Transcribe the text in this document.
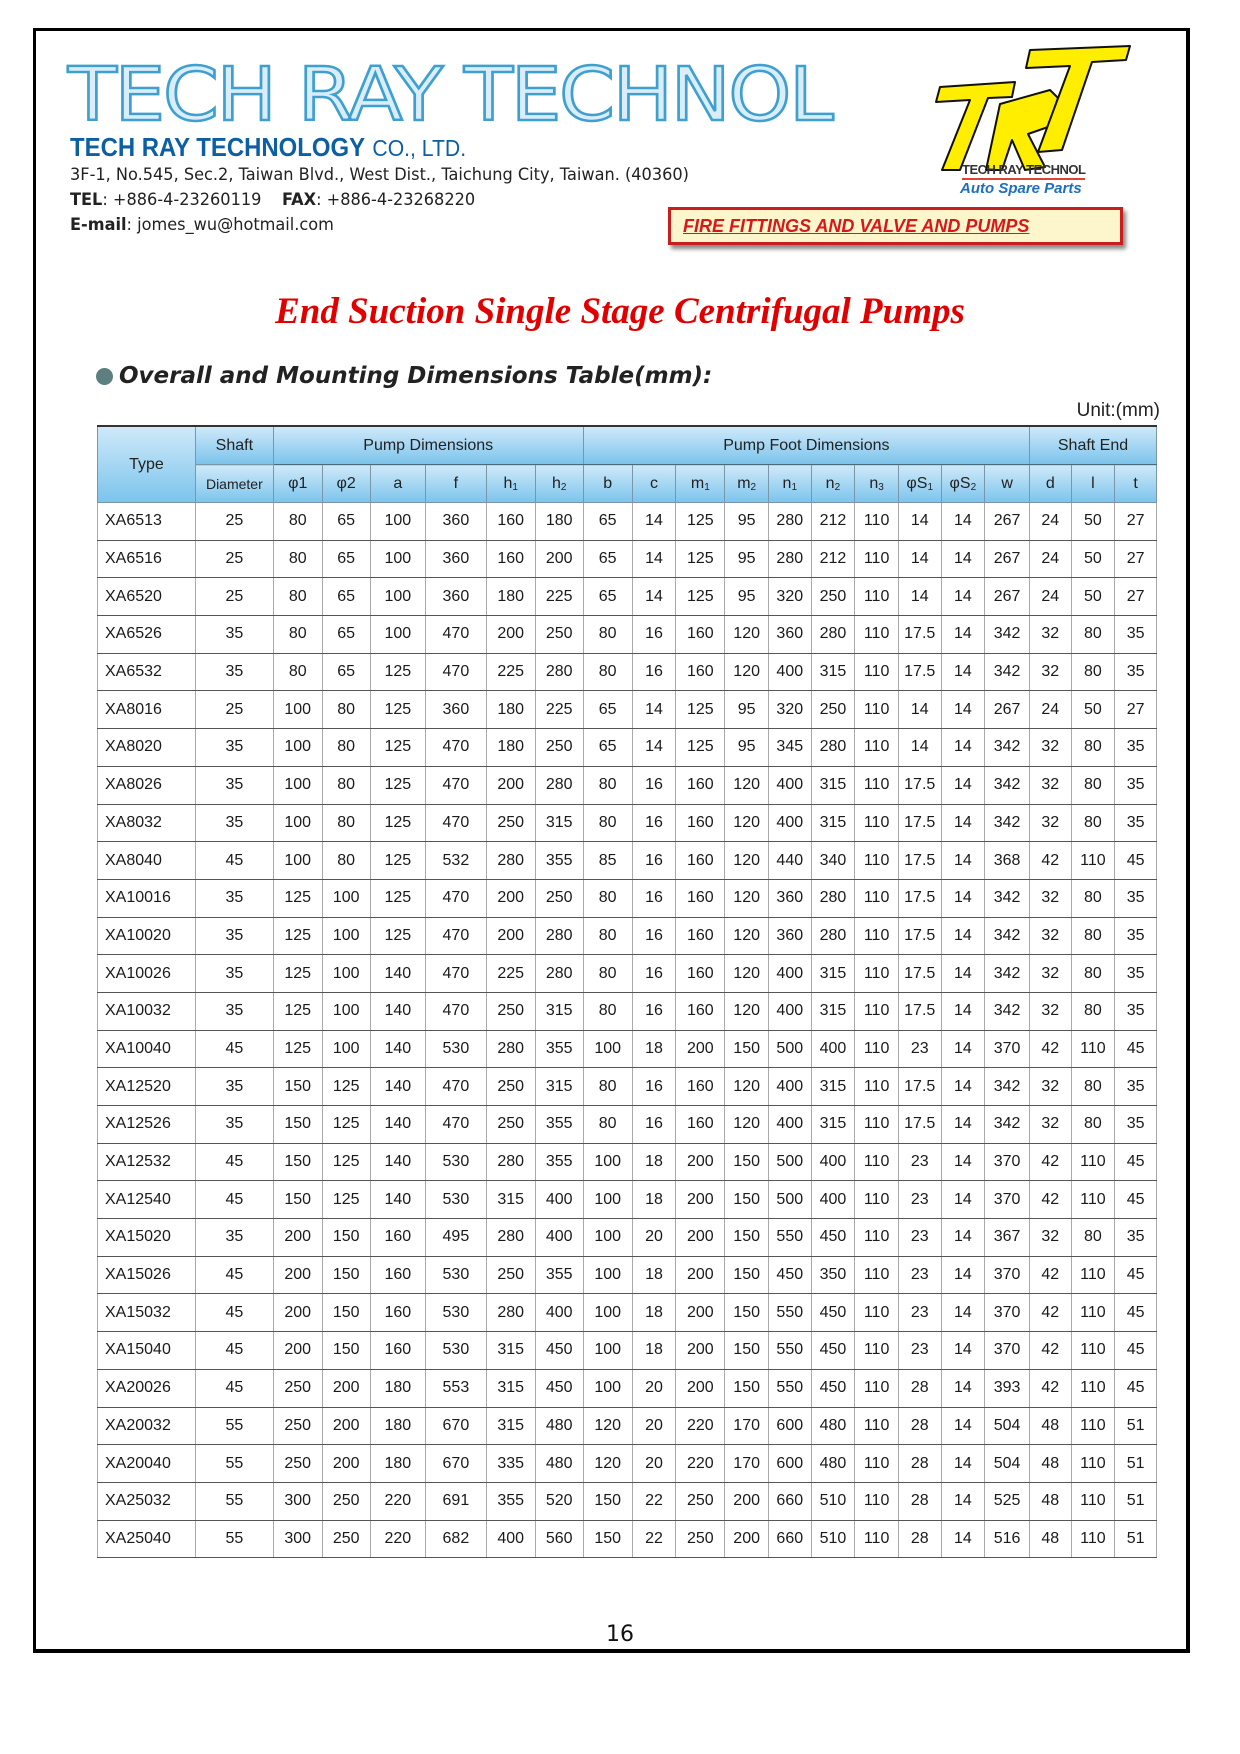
TECH RAY TECHNOL
TECH RAY TECHNOLOGY CO., LTD.
3F-1, No.545, Sec.2, Taiwan Blvd., West Dist., Taichung City, Taiwan. (40360)
TEL: +886-4-23260119 FAX: +886-4-23268220
E-mail: jomes_wu@hotmail.com
TECH RAY TECHNOL
Auto Spare Parts
FIRE FITTINGS AND VALVE AND PUMPS
End Suction Single Stage Centrifugal Pumps
Overall and Mounting Dimensions Table(mm):
Unit:(mm)
Type	Shaft	Pump Dimensions						Pump Foot Dimensions										Shaft End		
	Diameter	φ1	φ2	a	f	$h_1$	$h_2$	b	c	$m_1$	$m_2$	$n_1$	$n_2$	$n_3$	$\varphi S_1$	$\varphi S_2$	w	d	l	t
XA6513	25	80	65	100	360	160	180	65	14	125	95	280	212	110	14	14	267	24	50	27
XA6516	25	80	65	100	360	160	200	65	14	125	95	280	212	110	14	14	267	24	50	27
XA6520	25	80	65	100	360	180	225	65	14	125	95	320	250	110	14	14	267	24	50	27
XA6526	35	80	65	100	470	200	250	80	16	160	120	360	280	110	17.5	14	342	32	80	35
XA6532	35	80	65	125	470	225	280	80	16	160	120	400	315	110	17.5	14	342	32	80	35
XA8016	25	100	80	125	360	180	225	65	14	125	95	320	250	110	14	14	267	24	50	27
XA8020	35	100	80	125	470	180	250	65	14	125	95	345	280	110	14	14	342	32	80	35
XA8026	35	100	80	125	470	200	280	80	16	160	120	400	315	110	17.5	14	342	32	80	35
XA8032	35	100	80	125	470	250	315	80	16	160	120	400	315	110	17.5	14	342	32	80	35
XA8040	45	100	80	125	532	280	355	85	16	160	120	440	340	110	17.5	14	368	42	110	45
XA10016	35	125	100	125	470	200	250	80	16	160	120	360	280	110	17.5	14	342	32	80	35
XA10020	35	125	100	125	470	200	280	80	16	160	120	360	280	110	17.5	14	342	32	80	35
XA10026	35	125	100	140	470	225	280	80	16	160	120	400	315	110	17.5	14	342	32	80	35
XA10032	35	125	100	140	470	250	315	80	16	160	120	400	315	110	17.5	14	342	32	80	35
XA10040	45	125	100	140	530	280	355	100	18	200	150	500	400	110	23	14	370	42	110	45
XA12520	35	150	125	140	470	250	315	80	16	160	120	400	315	110	17.5	14	342	32	80	35
XA12526	35	150	125	140	470	250	355	80	16	160	120	400	315	110	17.5	14	342	32	80	35
XA12532	45	150	125	140	530	280	355	100	18	200	150	500	400	110	23	14	370	42	110	45
XA12540	45	150	125	140	530	315	400	100	18	200	150	500	400	110	23	14	370	42	110	45
XA15020	35	200	150	160	495	280	400	100	20	200	150	550	450	110	23	14	367	32	80	35
XA15026	45	200	150	160	530	250	355	100	18	200	150	450	350	110	23	14	370	42	110	45
XA15032	45	200	150	160	530	280	400	100	18	200	150	550	450	110	23	14	370	42	110	45
XA15040	45	200	150	160	530	315	450	100	18	200	150	550	450	110	23	14	370	42	110	45
XA20026	45	250	200	180	553	315	450	100	20	200	150	550	450	110	28	14	393	42	110	45
XA20032	55	250	200	180	670	315	480	120	20	220	170	600	480	110	28	14	504	48	110	51
XA20040	55	250	200	180	670	335	480	120	20	220	170	600	480	110	28	14	504	48	110	51
XA25032	55	300	250	220	691	355	520	150	22	250	200	660	510	110	28	14	525	48	110	51
XA25040	55	300	250	220	682	400	560	150	22	250	200	660	510	110	28	14	516	48	110	51
16
